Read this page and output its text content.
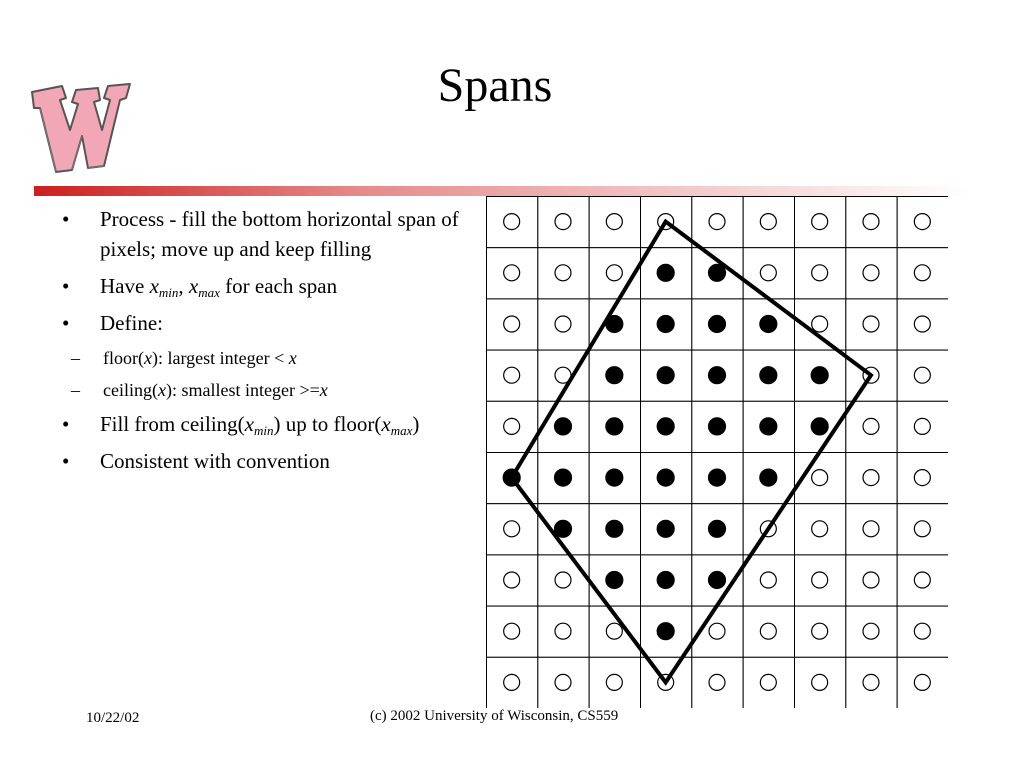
Spans
• Process - fill the bottom horizontal span of pixels; move up and keep filling
• Have $x_{min}$, $x_{max}$ for each span
• Define:
– floor(x): largest integer < x
– ceiling(x): smallest integer >=x
• Fill from $ceiling(x_{min})$ up to $floor(x_{max})$
• Consistent with convention
10/22/02	(c) 2002 University of Wisconsin, CS559
